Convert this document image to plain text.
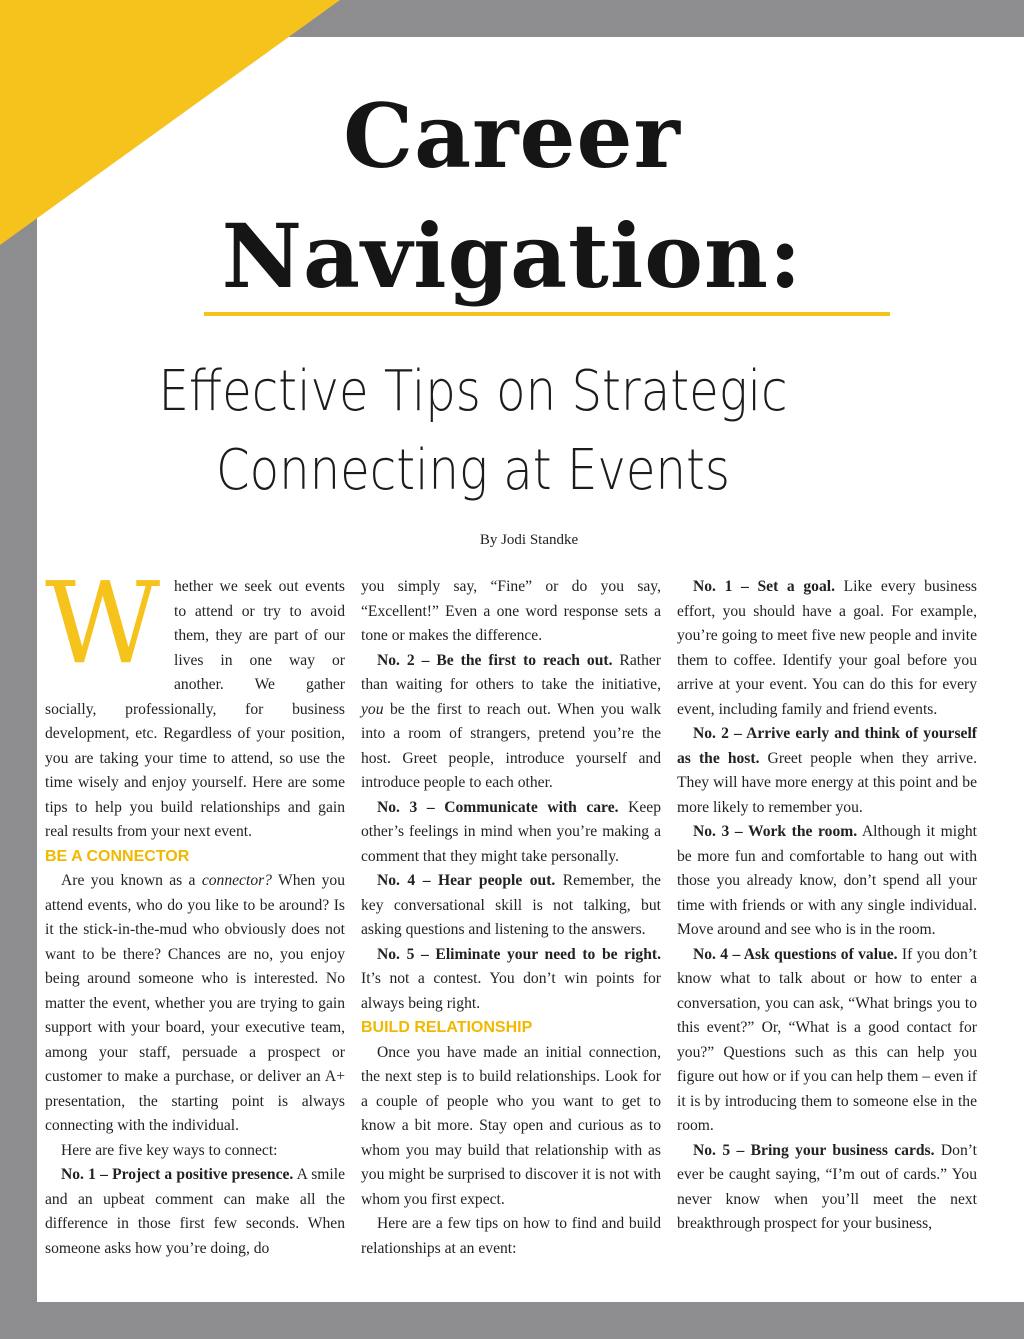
Career
Navigation:
Effective Tips on Strategic
Connecting at Events
By Jodi Standke

Whether we seek out events to attend or try to avoid them, they are part of our lives in one way or another. We gather socially, professionally, for business development, etc. Regardless of your position, you are taking your time to attend, so use the time wisely and enjoy yourself. Here are some tips to help you build relationships and gain real results from your next event.

BE A CONNECTOR

Are you known as a connector? When you attend events, who do you like to be around? Is it the stick-in-the-mud who obviously does not want to be there? Chances are no, you enjoy being around someone who is interested. No matter the event, whether you are trying to gain support with your board, your executive team, among your staff, persuade a prospect or customer to make a purchase, or deliver an A+ presentation, the starting point is always connecting with the individual.

Here are five key ways to connect:

No. 1 – Project a positive presence. A smile and an upbeat comment can make all the difference in those first few seconds. When someone asks how you’re doing, do

you simply say, “Fine” or do you say, “Excellent!” Even a one word response sets a tone or makes the difference.

No. 2 – Be the first to reach out. Rather than waiting for others to take the initiative, you be the first to reach out. When you walk into a room of strangers, pretend you’re the host. Greet people, introduce yourself and introduce people to each other.

No. 3 – Communicate with care. Keep other’s feelings in mind when you’re making a comment that they might take personally.

No. 4 – Hear people out. Remember, the key conversational skill is not talking, but asking questions and listening to the answers.

No. 5 – Eliminate your need to be right. It’s not a contest. You don’t win points for always being right.

BUILD RELATIONSHIP

Once you have made an initial connection, the next step is to build relationships. Look for a couple of people who you want to get to know a bit more. Stay open and curious as to whom you may build that relationship with as you might be surprised to discover it is not with whom you first expect.

Here are a few tips on how to find and build relationships at an event:

No. 1 – Set a goal. Like every business effort, you should have a goal. For example, you’re going to meet five new people and invite them to coffee. Identify your goal before you arrive at your event. You can do this for every event, including family and friend events.

No. 2 – Arrive early and think of yourself as the host. Greet people when they arrive. They will have more energy at this point and be more likely to remember you.

No. 3 – Work the room. Although it might be more fun and comfortable to hang out with those you already know, don’t spend all your time with friends or with any single individual. Move around and see who is in the room.

No. 4 – Ask questions of value. If you don’t know what to talk about or how to enter a conversation, you can ask, “What brings you to this event?” Or, “What is a good contact for you?” Questions such as this can help you figure out how or if you can help them – even if it is by introducing them to someone else in the room.

No. 5 – Bring your business cards. Don’t ever be caught saying, “I’m out of cards.” You never know when you’ll meet the next breakthrough prospect for your business,
